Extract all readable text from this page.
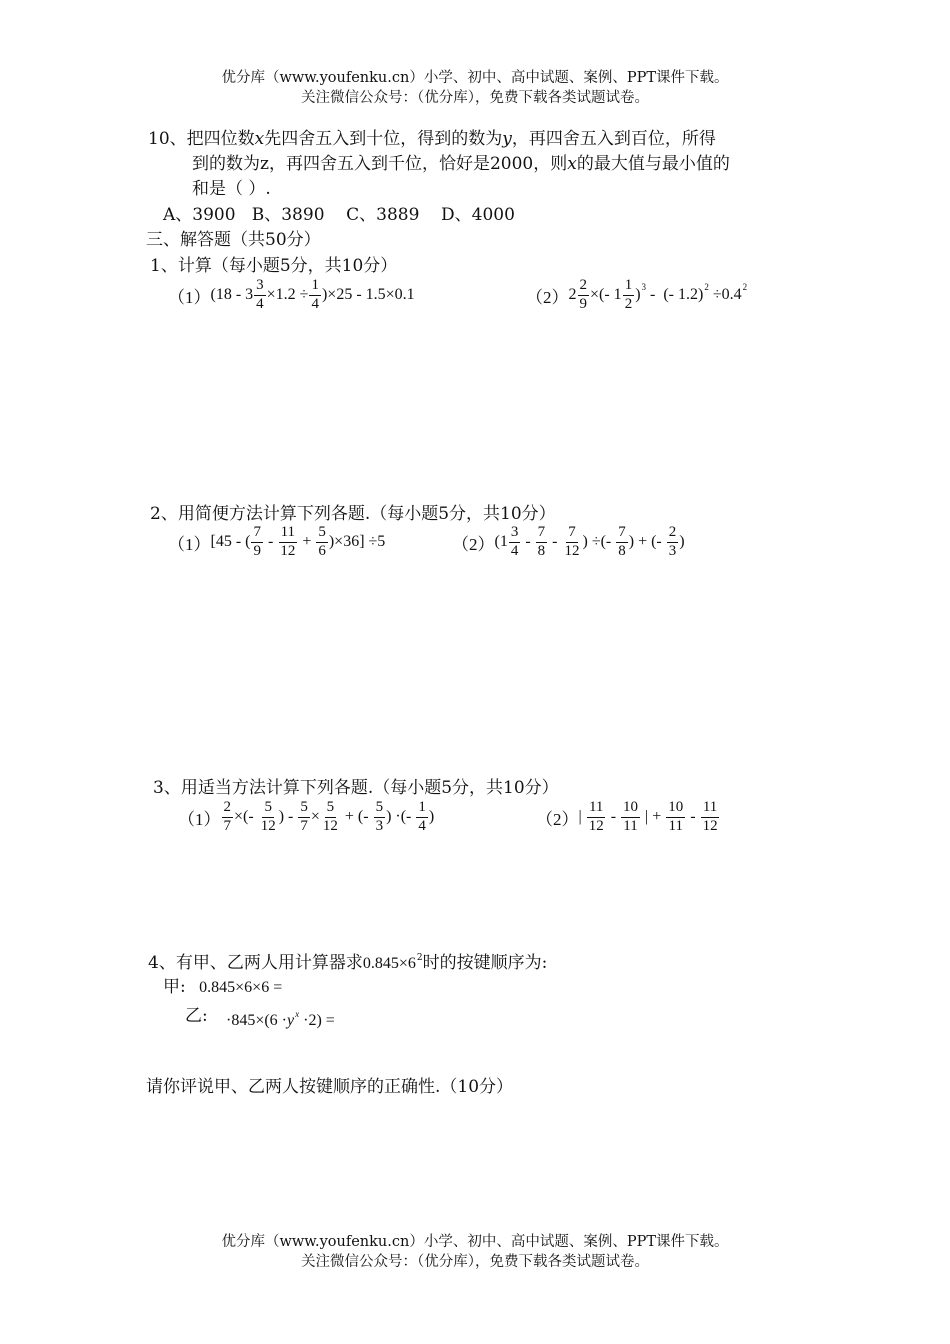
优分库（www.youfenku.cn）小学、初中、高中试题、案例、PPT课件下载。
关注微信公众号：（优分库），免费下载各类试题试卷。
10、把四位数x先四舍五入到十位，得到的数为y，再四舍五入到百位，所得
到的数为z，再四舍五入到千位，恰好是2000，则x的最大值与最小值的
和是（ ）.
A、3900   B、3890    C、3889    D、4000
三、解答题（共50分）
1、计算（每小题5分，共10分）
（1） $(18 - 3 \frac{3}{4} \times 1.2 \div \frac{1}{4} )\times 25 - 1.5\times 0.1$	（2） $2 \frac{2}{9}$ ×(- $1 \frac{1}{2}$ ) 3 -  (- 1.2) 2 ÷0.4 2
2、用简便方法计算下列各题.（每小题5分，共10分）
（1） [45 - ( $\frac{7}{9} - \frac{11}{12} + \frac{5}{6} )\times 36] \div 5$	（2） ($1 \frac{3}{4} - \frac{7}{8} - \frac{7}{12}$ ) ÷(- $\frac{7}{8}$ ) + (- $\frac{2}{3}$ )
3、用适当方法计算下列各题.（每小题5分，共10分）
$(1) \frac{2}{7}$ ×(- $\frac{5}{12}$ ) - $\frac{5}{7} \times \frac{5}{12}$ + (- $\frac{5}{3}$ ) ·(- $\frac{1}{4}$ )	（2） | $\frac{11}{12} - \frac{10}{11}$ | + $\frac{10}{11} - \frac{11}{12}$
4、有甲、乙两人用计算器求$0.845\times 6^2$时的按键顺序为:
甲: 0.845×6×6 =
乙: $\cdot 845\times(6 \cdot y^x \cdot 2)$ =
请你评说甲、乙两人按键顺序的正确性.（10分）
优分库（www.youfenku.cn）小学、初中、高中试题、案例、PPT课件下载。
关注微信公众号：（优分库），免费下载各类试题试卷。
